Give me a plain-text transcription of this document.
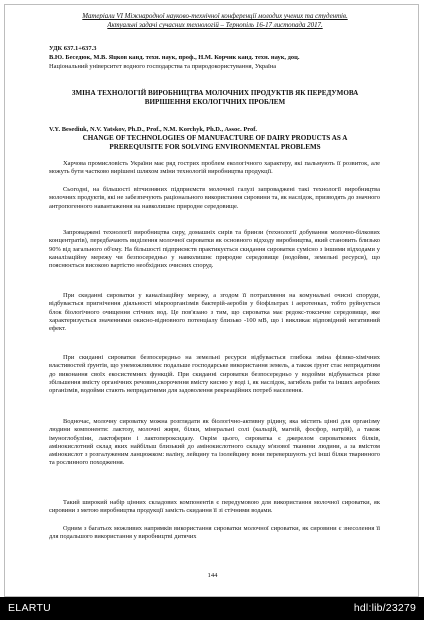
Матеріали VI Міжнародної науково-технічної конференції молодих учених та студентів.
Актуальні задачі сучасних технологій – Тернопіль 16-17 листопада 2017.
УДК 637.1+637.3
В.Ю. Беседюк, М.В. Яцков канд. техн. наук, проф., Н.М. Корчик канд. техн. наук, доц.
Національний університет водного господарства та природокористування, Україна
ЗМІНА ТЕХНОЛОГІЙ ВИРОБНИЦТВА МОЛОЧНИХ ПРОДУКТІВ ЯК ПЕРЕДУМОВА ВИРІШЕННЯ ЕКОЛОГІЧНИХ ПРОБЛЕМ
V.Y. Besediuk, N.V. Yatskov, Ph.D., Prof., N.M. Korchyk, Ph.D., Assoc. Prof.
CHANGE OF TECHNOLOGIES OF MANUFACTURE OF DAIRY PRODUCTS AS A PREREQUISITE FOR SOLVING ENVIRONMENTAL PROBLEMS
Харчова промисловість України має ряд гострих проблем екологічного характеру, які пальмують її розвиток, але можуть бути частково вирішені шляхом зміни технологій виробництва продукції.
Сьогодні, на більшості вітчизняних підприємств молочної галузі запроваджені такі технології виробництва молочних продуктів, які не забезпечують раціонального використання сировини та, як наслідок, призводять до значного антропогенного навантаження на навколишнє природне середовище.
Запроваджені технології виробництва сиру, домашніх сирів та бринзи (технології добування молочно-білкових концентратів), передбачають виділення молочної сироватки як основного відходу виробництва, який становить близько 90% від загального об'єму. На більшості підприємств практикується скидання сироватки сумісно з іншими відходами у каналізаційну мережу чи безпосередньо у навколишнє природне середовище (водойми, земельні ресурси), що пояснюється високою вартістю необхідних очисних споруд.
При скиданні сироватки у каналізаційну мережу, а згодом її потрапляння на комунальні очисні споруди, відбувається пригнічення діяльності мікроорганізмів бактерій-аеробів у біофільтрах і аеротенках, тобто руйнується блок біологічного очищення стічних вод. Це пов'язано з тим, що сироватка має редокс-токсичне середовище, яке характеризується значеннями окисно-відновного потенціалу близько -100 мВ, що і викликає відповідний негативний ефект.
При скиданні сироватки безпосередньо на земельні ресурси відбувається глибока зміна фізико-хімічних властивостей ґрунтів, що унеможливлює подальше господарське використання земель, а також ґрунт стає непридатним до виконання своїх екосистемних функцій. При скиданні сироватки безпосередньо у водойми відбувається різке збільшення вмісту органічних речовин,скорочення вмісту кисню у воді і, як наслідок, загибель риби та інших аеробних організмів, водойми стають непридатними для задоволення рекреаційних потреб населення.
Водночас, молочну сироватку можна розглядати як біологічно-активну рідину, яка містить цінні для організму людини компоненти: лактозу, молочні жири, білки, мінеральні солі (кальцій, магній, фосфор, натрій), а також імуноглобуліни, лактоферин і лактопероксидазу. Окрім цього, сироватка є джерелом сироваткових білків, амінокислотний склад яких найбільш близький до амінокислотного складу м'язової тканини людини, а за вмістом амінокислот з розгалуженим ланцюжком: валіну, лейцину та ізолейцину вони перевершують усі інші білки тваринного та рослинного походження.
Такий широкий набір цінних складових компонентів є передумовою для використання молочної сироватки, як сировини з метою виробництва продукції замість скидання її зі стічними водами.
Одним з багатьох можливих напрямків використання сироватки молочної сироватки, як сировини є знесолення її для подальшого використання у виробництві дитячих
144
ELARTU	hdl:lib/23279
